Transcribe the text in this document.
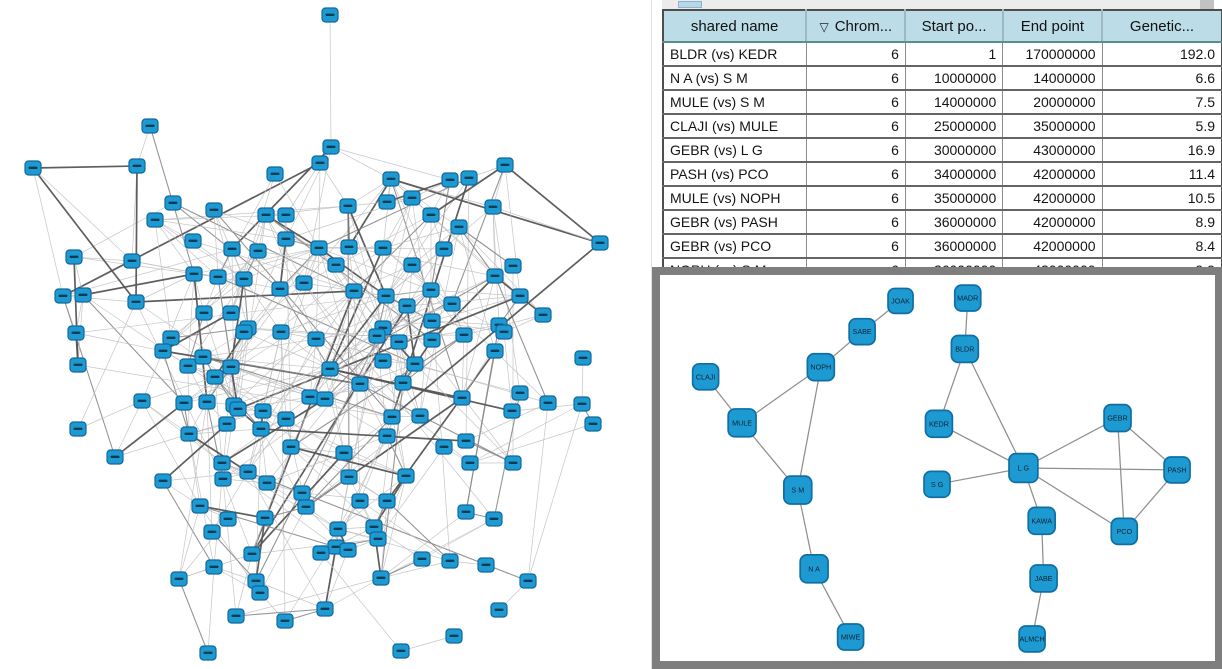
shared name	▽ Chrom...	Start po...	End point	Genetic...
BLDR (vs) KEDR	6	1	170000000	192.0
N A (vs) S M	6	10000000	14000000	6.6
MULE (vs) S M	6	14000000	20000000	7.5
CLAJI (vs) MULE	6	25000000	35000000	5.9
GEBR (vs) L G	6	30000000	43000000	16.9
PASH (vs) PCO	6	34000000	42000000	11.4
MULE (vs) NOPH	6	35000000	42000000	10.5
GEBR (vs) PASH	6	36000000	42000000	8.9
GEBR (vs) PCO	6	36000000	42000000	8.4

JOAK	MADR
SABE
BLDR
NOPH
CLAJI
MULE	KEDR
GEBR
L G
S G
PASH
S M
KAWA
PCO
N A
JABE
MIWE	ALMCH
